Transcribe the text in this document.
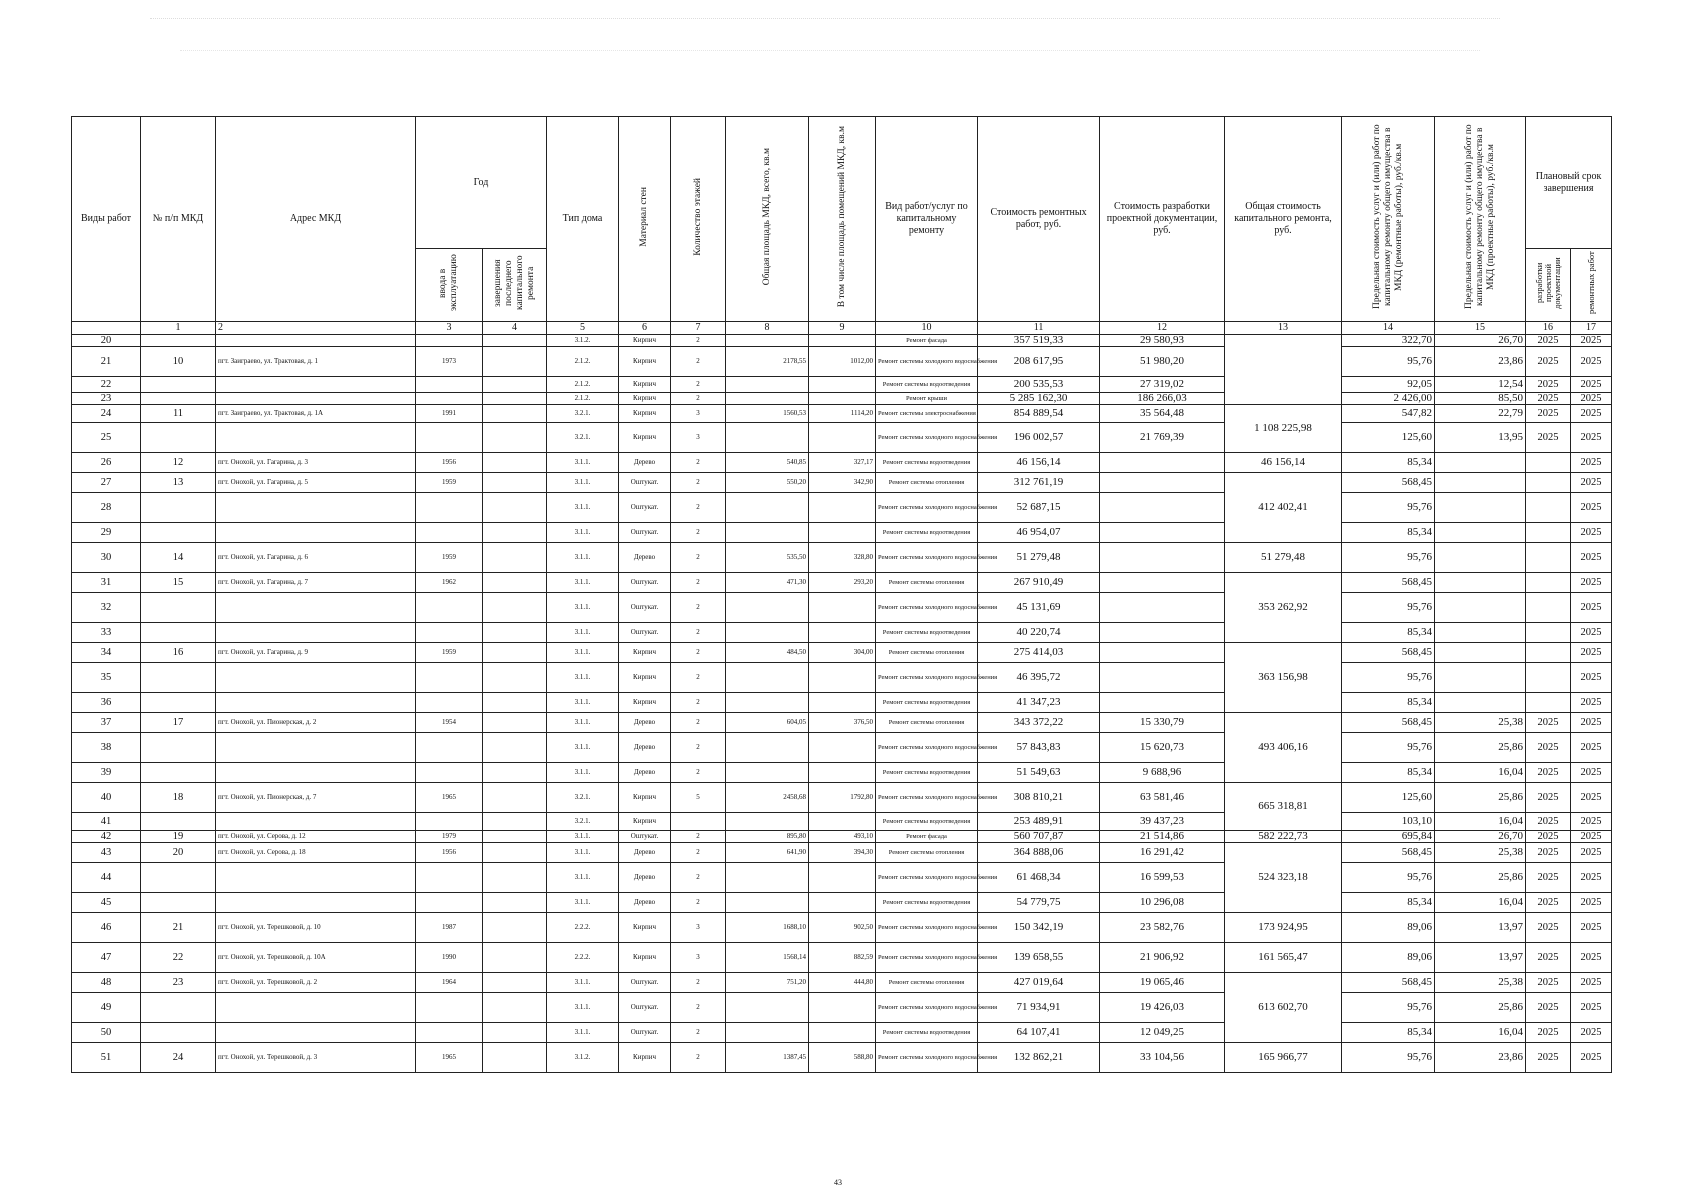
Виды работ	№ п/п МКД	Адрес МКД	Год		Тип дома	Материал стен	Количество этажей	Общая площадь МКД, всего, кв.м	В том числе площадь помещений МКД, кв.м	Вид работ/услуг по капитальному ремонту	Стоимость ремонтных работ, руб.	Стоимость разработки проектной документации, руб.	Общая стоимость капитального ремонта, руб.	Предельная стоимость услуг и (или) работ по капитальному ремонту общего имущества в МКД (ремонтные работы), руб./кв.м	Предельная стоимость услуг и (или) работ по капитальному ремонту общего имущества в МКД (проектные работы), руб./кв.м	Плановый срок завершения	
			ввода в эксплуатацию	завершения последнего капитального ремонта												разработки проектной документации	ремонтных работ
	1	2	3	4	5	6	7	8	9	10	11	12	13	14	15	16	17
20					3.1.2.	Кирпич	2			Ремонт фасада	357 519,33	29 580,93		322,70	26,70	2025	2025
21	10	пгт. Заиграево, ул. Трактовая, д. 1	1973		2.1.2.	Кирпич	2	2178,55	1012,00	Ремонт системы холодного водоснабжения	208 617,95	51 980,20		95,76	23,86	2025	2025
22					2.1.2.	Кирпич	2			Ремонт системы водоотведения	200 535,53	27 319,02		92,05	12,54	2025	2025
23					2.1.2.	Кирпич	2			Ремонт крыши	5 285 162,30	186 266,03		2 426,00	85,50	2025	2025
24	11	пгт. Заиграево, ул. Трактовая, д. 1А	1991		3.2.1.	Кирпич	3	1560,53	1114,20	Ремонт системы электроснабжения	854 889,54	35 564,48	1 108 225,98	547,82	22,79	2025	2025
25					3.2.1.	Кирпич	3			Ремонт системы холодного водоснабжения	196 002,57	21 769,39		125,60	13,95	2025	2025
26	12	пгт. Онохой, ул. Гагарина, д. 3	1956		3.1.1.	Дерево	2	540,85	327,17	Ремонт системы водоотведения	46 156,14		46 156,14	85,34			2025
27	13	пгт. Онохой, ул. Гагарина, д. 5	1959		3.1.1.	Оштукат.	2	550,20	342,90	Ремонт системы отопления	312 761,19		412 402,41	568,45			2025
28					3.1.1.	Оштукат.	2			Ремонт системы холодного водоснабжения	52 687,15			95,76			2025
29					3.1.1.	Оштукат.	2			Ремонт системы водоотведения	46 954,07			85,34			2025
30	14	пгт. Онохой, ул. Гагарина, д. 6	1959		3.1.1.	Дерево	2	535,50	328,80	Ремонт системы холодного водоснабжения	51 279,48		51 279,48	95,76			2025
31	15	пгт. Онохой, ул. Гагарина, д. 7	1962		3.1.1.	Оштукат.	2	471,30	293,20	Ремонт системы отопления	267 910,49		353 262,92	568,45			2025
32					3.1.1.	Оштукат.	2			Ремонт системы холодного водоснабжения	45 131,69			95,76			2025
33					3.1.1.	Оштукат.	2			Ремонт системы водоотведения	40 220,74			85,34			2025
34	16	пгт. Онохой, ул. Гагарина, д. 9	1959		3.1.1.	Кирпич	2	484,50	304,00	Ремонт системы отопления	275 414,03		363 156,98	568,45			2025
35					3.1.1.	Кирпич	2			Ремонт системы холодного водоснабжения	46 395,72			95,76			2025
36					3.1.1.	Кирпич	2			Ремонт системы водоотведения	41 347,23			85,34			2025
37	17	пгт. Онохой, ул. Пионерская, д. 2	1954		3.1.1.	Дерево	2	604,05	376,50	Ремонт системы отопления	343 372,22	15 330,79	493 406,16	568,45	25,38	2025	2025
38					3.1.1.	Дерево	2			Ремонт системы холодного водоснабжения	57 843,83	15 620,73		95,76	25,86	2025	2025
39					3.1.1.	Дерево	2			Ремонт системы водоотведения	51 549,63	9 688,96		85,34	16,04	2025	2025
40	18	пгт. Онохой, ул. Пионерская, д. 7	1965		3.2.1.	Кирпич	5	2458,68	1792,80	Ремонт системы холодного водоснабжения	308 810,21	63 581,46	665 318,81	125,60	25,86	2025	2025
41					3.2.1.	Кирпич				Ремонт системы водоотведения	253 489,91	39 437,23		103,10	16,04	2025	2025
42	19	пгт. Онохой, ул. Серова, д. 12	1979		3.1.1.	Оштукат.	2	895,80	493,10	Ремонт фасада	560 707,87	21 514,86	582 222,73	695,84	26,70	2025	2025
43	20	пгт. Онохой, ул. Серова, д. 18	1956		3.1.1.	Дерево	2	641,90	394,30	Ремонт системы отопления	364 888,06	16 291,42	524 323,18	568,45	25,38	2025	2025
44					3.1.1.	Дерево	2			Ремонт системы холодного водоснабжения	61 468,34	16 599,53		95,76	25,86	2025	2025
45					3.1.1.	Дерево	2			Ремонт системы водоотведения	54 779,75	10 296,08		85,34	16,04	2025	2025
46	21	пгт. Онохой, ул. Терешковой, д. 10	1987		2.2.2.	Кирпич	3	1688,10	902,50	Ремонт системы холодного водоснабжения	150 342,19	23 582,76	173 924,95	89,06	13,97	2025	2025
47	22	пгт. Онохой, ул. Терешковой, д. 10А	1990		2.2.2.	Кирпич	3	1568,14	882,59	Ремонт системы холодного водоснабжения	139 658,55	21 906,92	161 565,47	89,06	13,97	2025	2025
48	23	пгт. Онохой, ул. Терешковой, д. 2	1964		3.1.1.	Оштукат.	2	751,20	444,80	Ремонт системы отопления	427 019,64	19 065,46	613 602,70	568,45	25,38	2025	2025
49					3.1.1.	Оштукат.	2			Ремонт системы холодного водоснабжения	71 934,91	19 426,03		95,76	25,86	2025	2025
50					3.1.1.	Оштукат.	2			Ремонт системы водоотведения	64 107,41	12 049,25		85,34	16,04	2025	2025
51	24	пгт. Онохой, ул. Терешковой, д. 3	1965		3.1.2.	Кирпич	2	1387,45	588,80	Ремонт системы холодного водоснабжения	132 862,21	33 104,56	165 966,77	95,76	23,86	2025	2025
43
